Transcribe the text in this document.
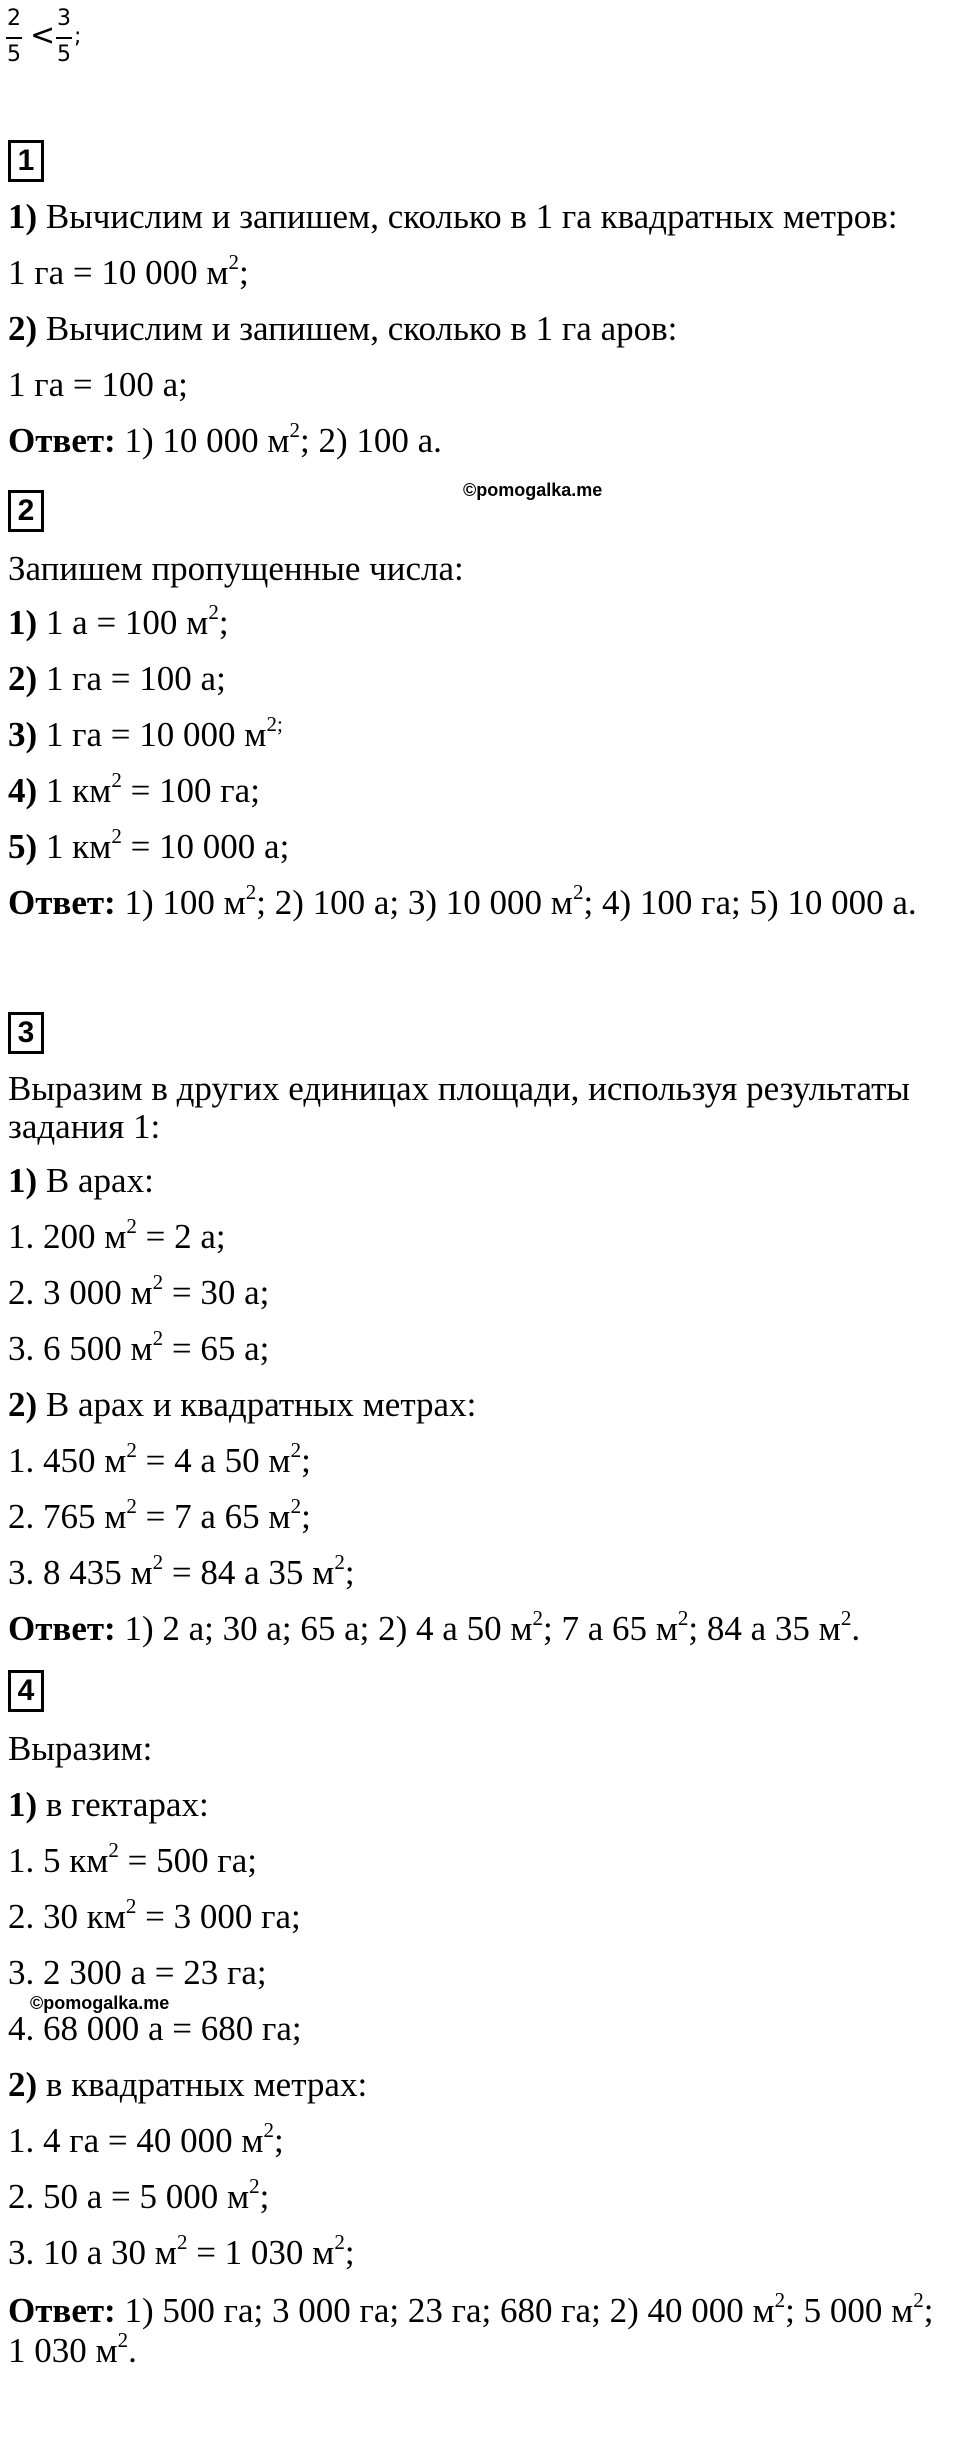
2
5
< 3
5
;
1
1) Вычислим и запишем, сколько в 1 га квадратных метров:
1 га = 10 000 $м^2$;
2) Вычислим и запишем, сколько в 1 га аров:
1 га = 100 а;
Ответ: 1) 10 000 $м^2$; 2) 100 а.
©pomogalka.me
2
Запишем пропущенные числа:
1) 1 а = 100 $м^2$;
2) 1 га = 100 а;
3) 1 га = 10 000 $м^{2;}$
4) 1 $км^2 = 100$ га;
5) 1 $км^2 = 10$ 000 а;
Ответ: 1) 100 $м^2$; 2) 100 а; 3) 10 000 $м^2$; 4) 100 га; 5) 10 000 а.
3
Выразим в других единицах площади, используя результаты
задания 1:
1) В арах:
1. 200 $м^2 = 2$ а;
2. 3 000 $м^2 = 30$ а;
3. 6 500 $м^2 = 65$ а;
2) В арах и квадратных метрах:
1. 450 $м^2 = 4$ а 50 $м^2$;
2. 765 $м^2 = 7$ а 65 $м^2$;
3. 8 435 $м^2 = 84$ а 35 $м^2$;
Ответ: 1) 2 а; 30 а; 65 а; 2) 4 а 50 $м^2$; 7 а 65 $м^2$; 84 а 35 $м^2$.
4
Выразим:
1) в гектарах:
1. 5 $км^2 = 500$ га;
2. 30 $км^2 = 3$ 000 га;
3. 2 300 а = 23 га;
©pomogalka.me
4. 68 000 а = 680 га;
2) в квадратных метрах:
1. 4 га = 40 000 $м^2$;
2. 50 а = 5 000 $м^2$;
3. 10 а 30 $м^2 = 1$ 030 $м^2$;
Ответ: 1) 500 га; 3 000 га; 23 га; 680 га; 2) 40 000 $м^2$; 5 000 $м^2$;
1 030 $м^2$.
